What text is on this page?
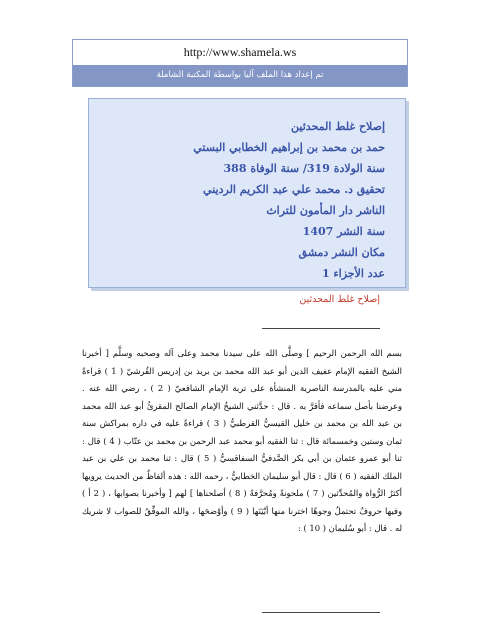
http://www.shamela.ws
تم إعداد هذا الملف آليا بواسطة المكتبة الشاملة
إصلاح غلط المحدثين
حمد بن محمد بن إبراهيم الخطابي البستي
سنة الولادة 319/ سنة الوفاة 388
تحقيق د. محمد علي عبد الكريم الرديني
الناشر دار المأمون للتراث
سنة النشر 1407
مكان النشر دمشق
عدد الأجزاء 1
إصلاح غلط المحدثين
بسم الله الرحمن الرحيم ] وصلَّى الله على سيدنا محمد وعلى آله وصحبه وسلَّم [ أخبرنا الشيخ الفقيه الإمام عفيف الدين أبو عبد الله محمد بن بريد بن إدريس القُرشيّ ( 1 ) قراءةً مني عليه بالمدرسة الناصرية المنشأة على تربة الإمام الشافعيّ ( 2 ) ، رضي الله عنه . وعرضنا بأصل سماعه فأقرَّ به . قال : حدَّثني الشيخُ الإمام الصالح المقرئُ أبو عبد الله محمد بن عبد الله بن محمد بن خليل القيسيُّ القرطبيُّ ( 3 ) قراءةً عليه في داره بمراكش سنة ثمان وستين وخمسمائة قال : ثنا الفقيه أبو محمد عبد الرحمن بن محمد بن عتّاب ( 4 ) قال : ثنا أبو عمرو عثمان بن أبي بكر الصَّدفيُّ السفاقسيُّ ( 5 ) قال : ثنا محمد بن علي بن عبد الملك الفقيه ( 6 ) قال : قال أبو سليمان الخطابيُّ ، رحمه الله : هذه ألفاظٌ من الحديث يرويها أكثرُ الرُّواة والمُحدِّثين ( 7 ) ملحونةً ومُحرَّفةً ( 8 ) أصلحناها ] لهم [ وأخبرنا بصوابها ، ( 2 أ ) وفيها حروفٌ تحتملُ وجوهًا اخترنا منها أبْيَنَها ( 9 ) وأوْضحَها ، والله الموفِّقُ للصواب لا شريك له . قال : أبو سُليمان ( 10 ) :
